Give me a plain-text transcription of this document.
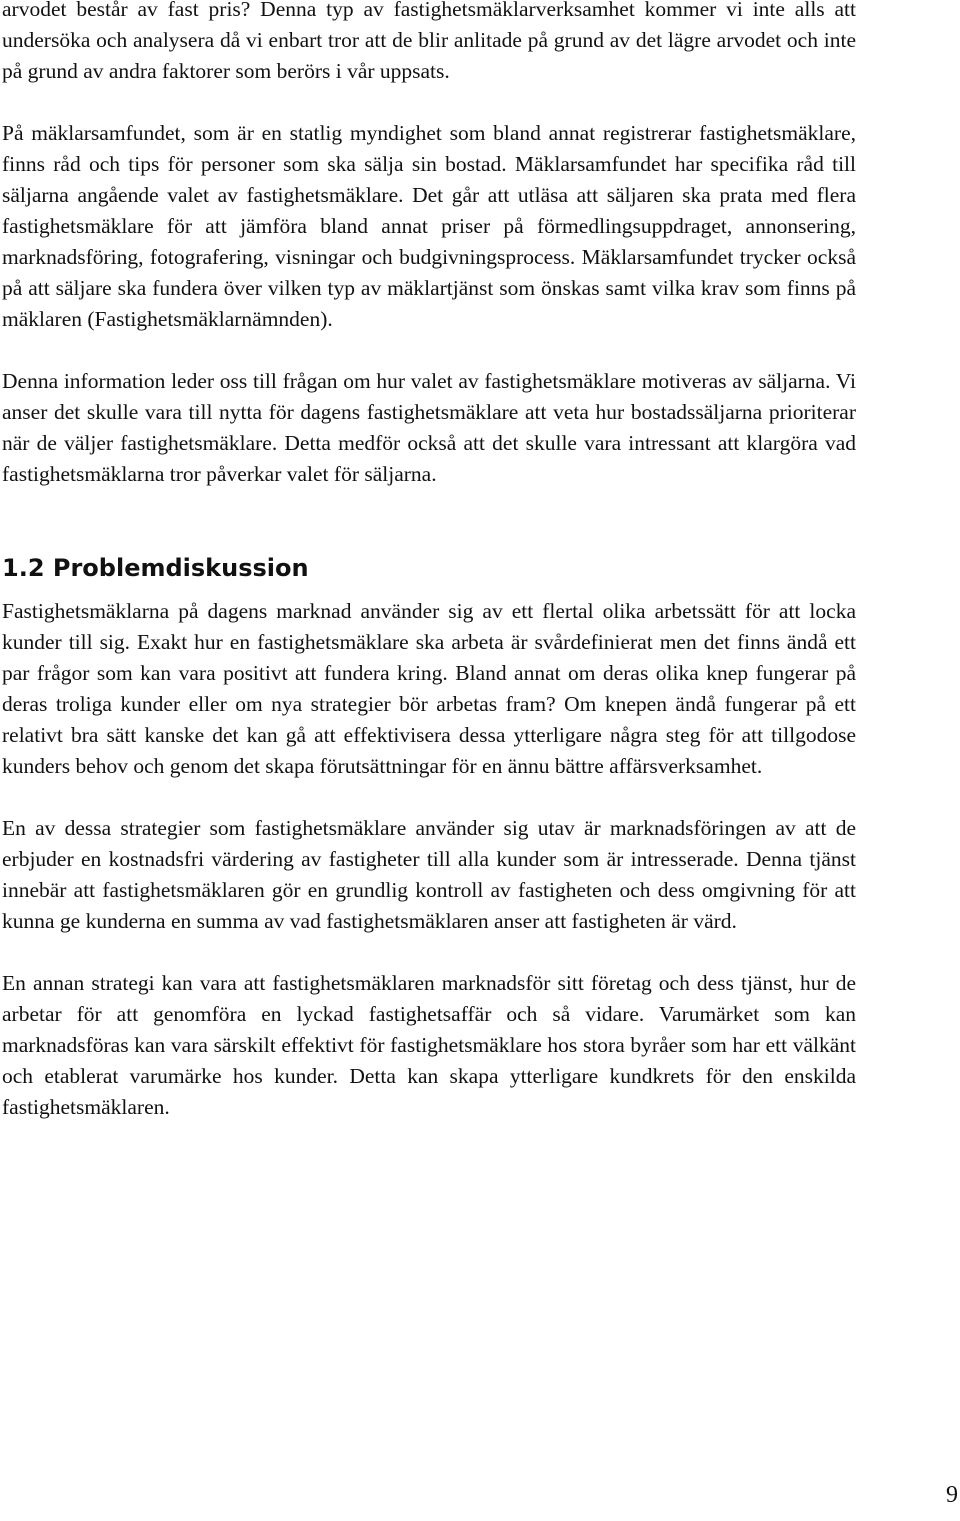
arvodet består av fast pris? Denna typ av fastighetsmäklarverksamhet kommer vi inte alls att undersöka och analysera då vi enbart tror att de blir anlitade på grund av det lägre arvodet och inte på grund av andra faktorer som berörs i vår uppsats.

På mäklarsamfundet, som är en statlig myndighet som bland annat registrerar fastighetsmäklare, finns råd och tips för personer som ska sälja sin bostad. Mäklarsamfundet har specifika råd till säljarna angående valet av fastighetsmäklare. Det går att utläsa att säljaren ska prata med flera fastighetsmäklare för att jämföra bland annat priser på förmedlingsuppdraget, annonsering, marknadsföring, fotografering, visningar och budgivningsprocess. Mäklarsamfundet trycker också på att säljare ska fundera över vilken typ av mäklartjänst som önskas samt vilka krav som finns på mäklaren (Fastighetsmäklarnämnden).

Denna information leder oss till frågan om hur valet av fastighetsmäklare motiveras av säljarna. Vi anser det skulle vara till nytta för dagens fastighetsmäklare att veta hur bostadssäljarna prioriterar när de väljer fastighetsmäklare. Detta medför också att det skulle vara intressant att klargöra vad fastighetsmäklarna tror påverkar valet för säljarna.

1.2 Problemdiskussion

Fastighetsmäklarna på dagens marknad använder sig av ett flertal olika arbetssätt för att locka kunder till sig. Exakt hur en fastighetsmäklare ska arbeta är svårdefinierat men det finns ändå ett par frågor som kan vara positivt att fundera kring. Bland annat om deras olika knep fungerar på deras troliga kunder eller om nya strategier bör arbetas fram? Om knepen ändå fungerar på ett relativt bra sätt kanske det kan gå att effektivisera dessa ytterligare några steg för att tillgodose kunders behov och genom det skapa förutsättningar för en ännu bättre affärsverksamhet.

En av dessa strategier som fastighetsmäklare använder sig utav är marknadsföringen av att de erbjuder en kostnadsfri värdering av fastigheter till alla kunder som är intresserade. Denna tjänst innebär att fastighetsmäklaren gör en grundlig kontroll av fastigheten och dess omgivning för att kunna ge kunderna en summa av vad fastighetsmäklaren anser att fastigheten är värd.

En annan strategi kan vara att fastighetsmäklaren marknadsför sitt företag och dess tjänst, hur de arbetar för att genomföra en lyckad fastighetsaffär och så vidare. Varumärket som kan marknadsföras kan vara särskilt effektivt för fastighetsmäklare hos stora byråer som har ett välkänt och etablerat varumärke hos kunder. Detta kan skapa ytterligare kundkrets för den enskilda fastighetsmäklaren.

9
